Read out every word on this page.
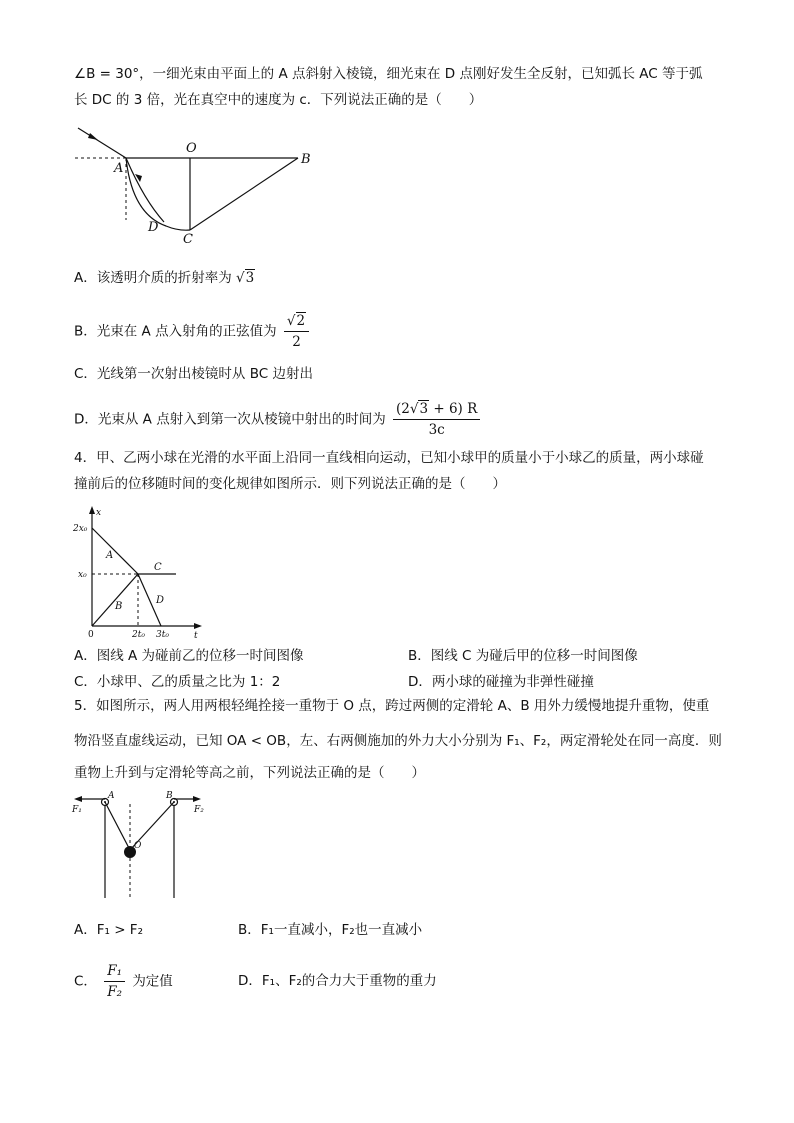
∠B = 30°，一细光束由平面上的 A 点斜射入棱镜，细光束在 D 点刚好发生全反射，已知弧长 AC 等于弧
长 DC 的 3 倍，光在真空中的速度为 c．下列说法正确的是（　　）
O
A
B
C
D
A．该透明介质的折射率为 √3
B．光束在 A 点入射角的正弦值为 $\frac{√2}{2}$
C．光线第一次射出棱镜时从 BC 边射出
D．光束从 A 点射入到第一次从棱镜中射出的时间为 $\frac{(2√3 + 6) R}{3c}$
4．甲、乙两小球在光滑的水平面上沿同一直线相向运动，已知小球甲的质量小于小球乙的质量，两小球碰
撞前后的位移随时间的变化规律如图所示．则下列说法正确的是（　　）
x
t
2x₀
x₀
0	2t₀ 3t₀
A
B
C
D
A．图线 A 为碰前乙的位移一时间图像	B．图线 C 为碰后甲的位移一时间图像
C．小球甲、乙的质量之比为 1：2	D．两小球的碰撞为非弹性碰撞
5．如图所示，两人用两根轻绳拴接一重物于 O 点，跨过两侧的定滑轮 A、B 用外力缓慢地提升重物，使重
物沿竖直虚线运动，已知 OA < OB，左、右两侧施加的外力大小分别为 F₁、F₂，两定滑轮处在同一高度．则
重物上升到与定滑轮等高之前，下列说法正确的是（　　）
A	B
O
F₁	F₂
A．F₁ > F₂	B．F₁一直减小，F₂也一直减小
C． $\frac{\text{F₁}}{\text{F₂}}$ 为定值	D．F₁、F₂的合力大于重物的重力
